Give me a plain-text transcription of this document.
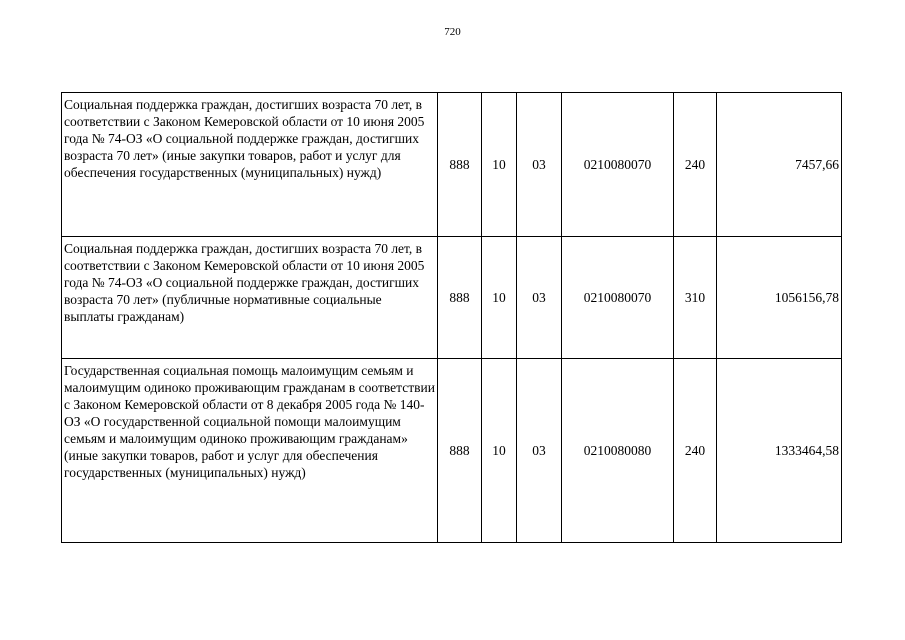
720
Социальная поддержка граждан, достигших возраста 70 лет, в соответствии с Законом Кемеровской области от 10 июня 2005 года № 74-ОЗ «О социальной поддержке граждан, достигших возраста 70 лет» (иные закупки товаров, работ и услуг для обеспечения государственных (муниципальных) нужд)	888	10	03	0210080070	240	7457,66
Социальная поддержка граждан, достигших возраста 70 лет, в соответствии с Законом Кемеровской области от 10 июня 2005 года № 74-ОЗ «О социальной поддержке граждан, достигших возраста 70 лет» (публичные нормативные социальные выплаты гражданам)	888	10	03	0210080070	310	1056156,78
Государственная социальная помощь малоимущим семьям и малоимущим одиноко проживающим гражданам в соответствии с Законом Кемеровской области от 8 декабря 2005 года № 140-ОЗ «О государственной социальной помощи малоимущим семьям и малоимущим одиноко проживающим гражданам» (иные закупки товаров, работ и услуг для обеспечения государственных (муниципальных) нужд)	888	10	03	0210080080	240	1333464,58
